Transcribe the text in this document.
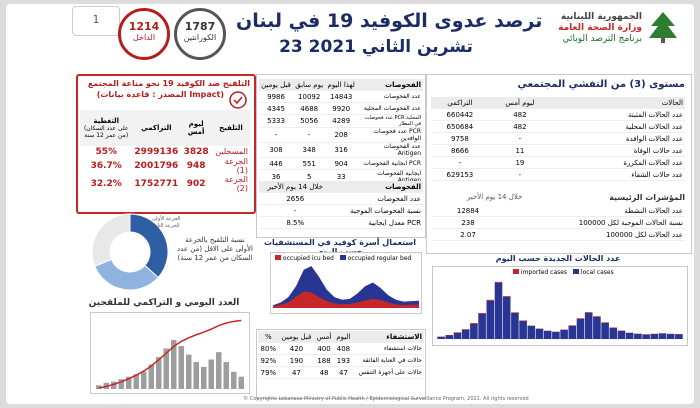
1
1214
الداخل
1787
الكورانتين
ترصد عدوى الكوفيد 19 في لبنان
23 تشرين الثاني 2021
الجمهورية اللبنانية
وزارة الصحة العامة
برنامج الترصد الوبائي
مستوى (3) من التفشي المجتمعي
التراكمي	ليوم أمس	الحالات
660442	482	عدد الحالات المثبتة
650684	482	عدد الحالات المحلية
9758	-	عدد الحالات الوافدة
8666	11	عدد حالات الوفاة
-	19	عدد الحالات المكررة
629153	-	عدد حالات الشفاء
المؤشرات الرئيسية
خلال 14 يوم الأخير
12884	عدد الحالات النشطة
238	نسبة الحالات الموجبة لكل 100000
2.07	عدد الحالات لكل 100000
قبل يومين	يوم سابق	لهذا اليوم	الفحوصات
9986	10092	14843	عدد الفحوصات
4345	4688	9920	عدد الفحوصات المحلية
5333	5056	4289	عدد فحوصات PCR المحلية في المطار
-	-	208	عدد فحوصات PCR الوافدين
308	348	316	عدد الفحوصات Antigen
446	551	904	ايجابية الفحوصات PCR
36	5	33	ايجابية الفحوصات Antigen
خلال 14 يوم الأخير	الفحوصات
2656	عدد الفحوصات
-	نسبة الفحوصات الموجبة
8.5%	معدل ايجابية PCR
استعمال أسرة كوفيد في المستشفيات
occupied icu bed occupied regular bed
%	قبل يومين	أمس	اليوم	الاستشفاء
80%	420	400	408	حالات استشفاء
92%	190	188	193	حالات في العناية الفائقة
79%	47	48	47	حالات على أجهزة التنفس
عدد الحالات الجديدة حسب اليوم
imported cases local cases
التلقيح ضد الكوفيد 19 نحو مناعة المجتمع
(المصدر : قاعدة بيانات Impact)
التغطية
(على عدد السكان من عمر 12 سنة)	التراكمي	ليوم أمس	التلقيح
55%	2999136	3828	المسجلين
36.7%	2001796	948	الجرعة (1)
32.2%	1752771	902	الجرعة (2)
الجرعة الأولى
الجرعة الثانية
نسبة التلقيح بالجرعة الأولى على الاقل (من عدد السكان من عمر 12 سنة)
العدد اليومي و التراكمي للملقحين
© Copyrights Lebanese Ministry of Public Health / Epidemiological Surveillance Program, 2021. All rights reserved
